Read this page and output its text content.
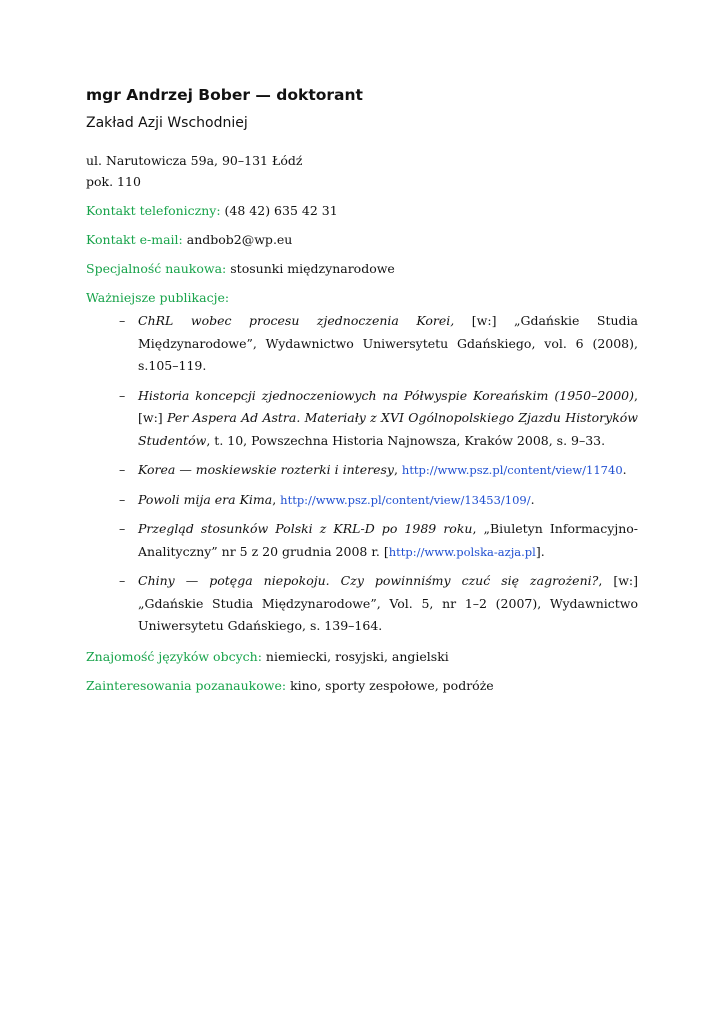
mgr Andrzej Bober — doktorant

Zakład Azji Wschodniej

ul. Narutowicza 59a, 90–131 Łódź
pok. 110

Kontakt telefoniczny: (48 42) 635 42 31

Kontakt e-mail: andbob2@wp.eu

Specjalność naukowa: stosunki międzynarodowe

Ważniejsze publikacje:

– ChRL wobec procesu zjednoczenia Korei, [w:] „Gdańskie Studia Międzynarodowe”, Wydawnictwo Uniwersytetu Gdańskiego, vol. 6 (2008), s.105–119.
– Historia koncepcji zjednoczeniowych na Półwyspie Koreańskim (1950–2000), [w:] Per Aspera Ad Astra. Materiały z XVI Ogólnopolskiego Zjazdu Historyków Studentów, t. 10, Powszechna Historia Najnowsza, Kraków 2008, s. 9–33.
– Korea — moskiewskie rozterki i interesy, http://www.psz.pl/content/view/11740.
– Powoli mija era Kima, http://www.psz.pl/content/view/13453/109/.
– Przegląd stosunków Polski z KRL-D po 1989 roku, „Biuletyn Informacyjno-Analityczny” nr 5 z 20 grudnia 2008 r. [http://www.polska-azja.pl].
– Chiny — potęga niepokoju. Czy powinniśmy czuć się zagrożeni?, [w:] „Gdańskie Studia Międzynarodowe”, Vol. 5, nr 1–2 (2007), Wydawnictwo Uniwersytetu Gdańskiego, s. 139–164.

Znajomość języków obcych: niemiecki, rosyjski, angielski

Zainteresowania pozanaukowe: kino, sporty zespołowe, podróże
